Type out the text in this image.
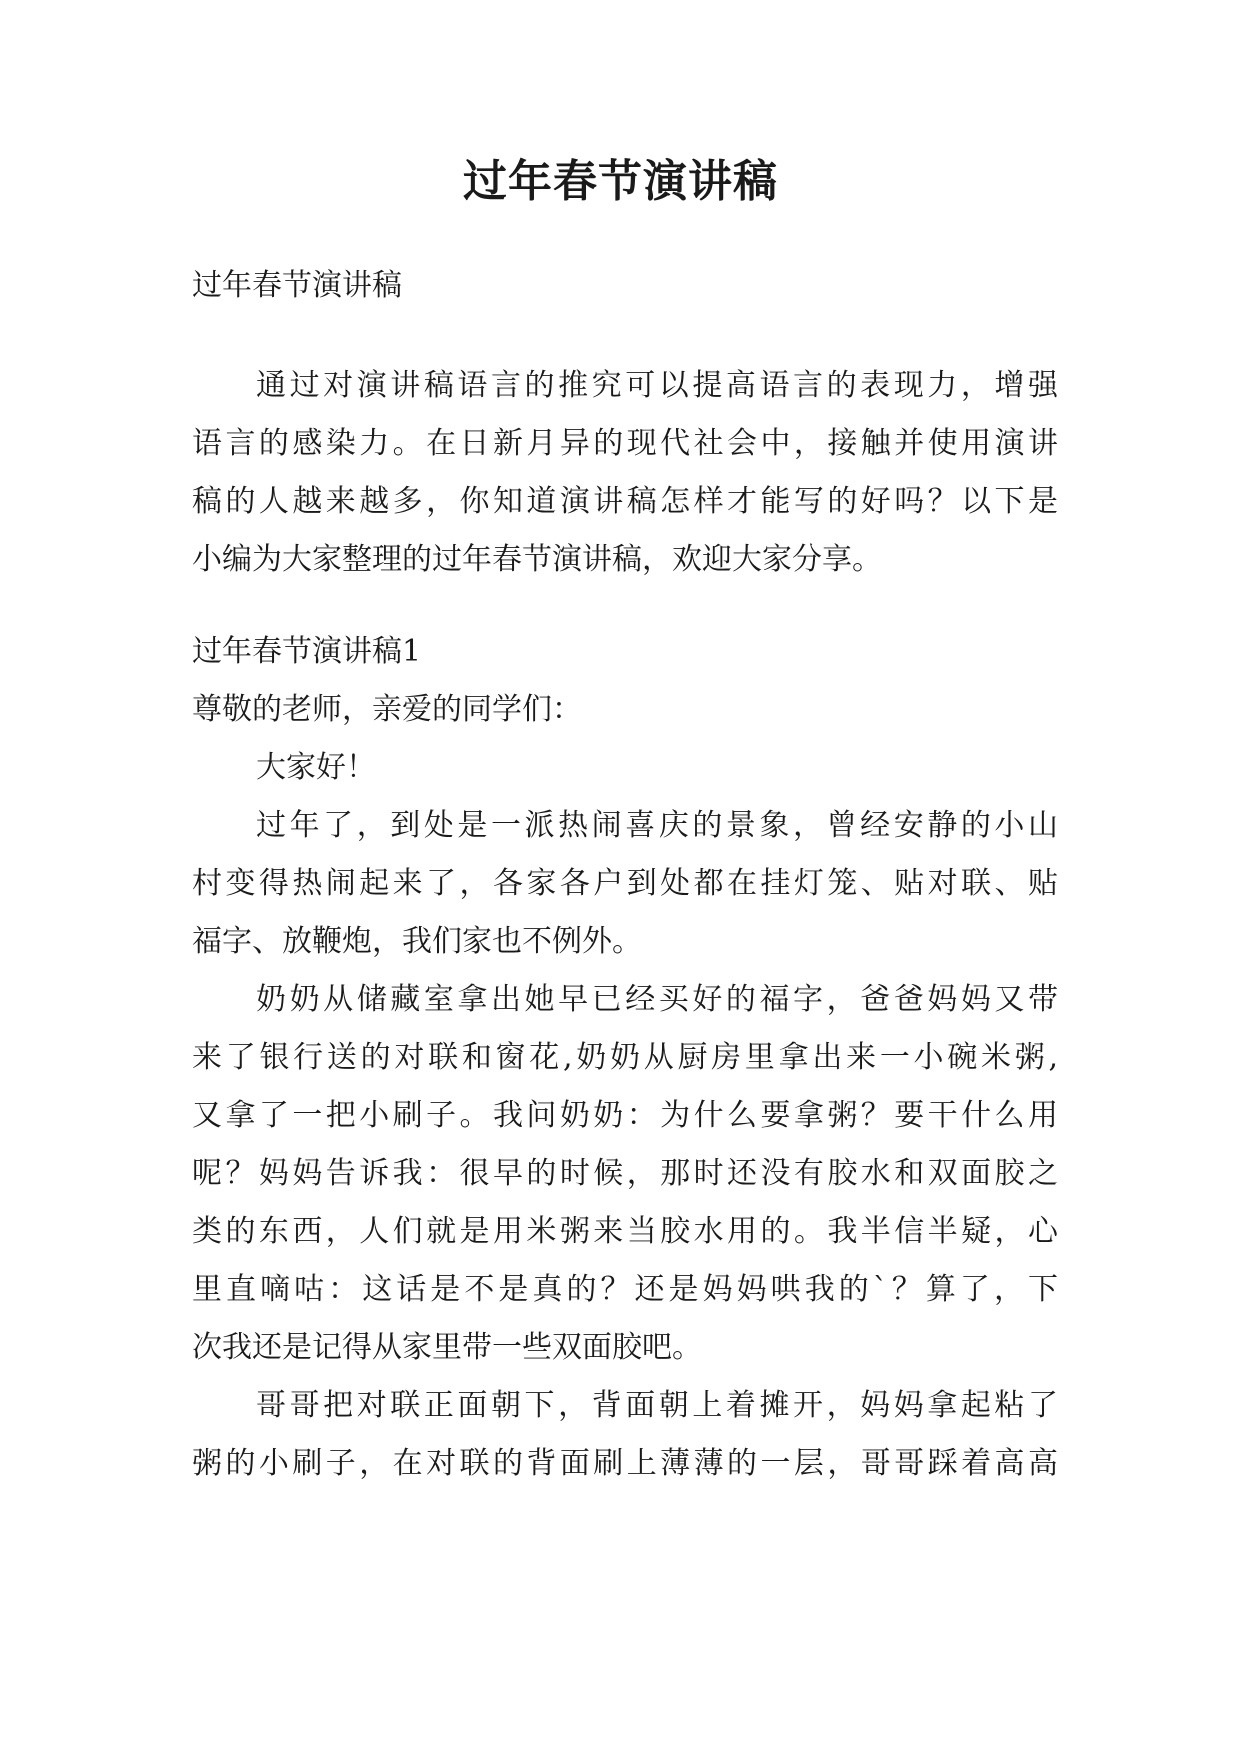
过年春节演讲稿

过年春节演讲稿

通过对演讲稿语言的推究可以提高语言的表现力，增强

语言的感染力。在日新月异的现代社会中，接触并使用演讲

稿的人越来越多，你知道演讲稿怎样才能写的好吗？以下是

小编为大家整理的过年春节演讲稿，欢迎大家分享。

过年春节演讲稿1

尊敬的老师，亲爱的同学们：

大家好！

过年了，到处是一派热闹喜庆的景象，曾经安静的小山

村变得热闹起来了，各家各户到处都在挂灯笼、贴对联、贴

福字、放鞭炮，我们家也不例外。

奶奶从储藏室拿出她早已经买好的福字，爸爸妈妈又带

来了银行送的对联和窗花,奶奶从厨房里拿出来一小碗米粥,

又拿了一把小刷子。我问奶奶：为什么要拿粥？要干什么用

呢？妈妈告诉我：很早的时候，那时还没有胶水和双面胶之

类的东西，人们就是用米粥来当胶水用的。我半信半疑，心

里直嘀咕：这话是不是真的？还是妈妈哄我的`？算了，下

次我还是记得从家里带一些双面胶吧。

哥哥把对联正面朝下，背面朝上着摊开，妈妈拿起粘了

粥的小刷子，在对联的背面刷上薄薄的一层，哥哥踩着高高
